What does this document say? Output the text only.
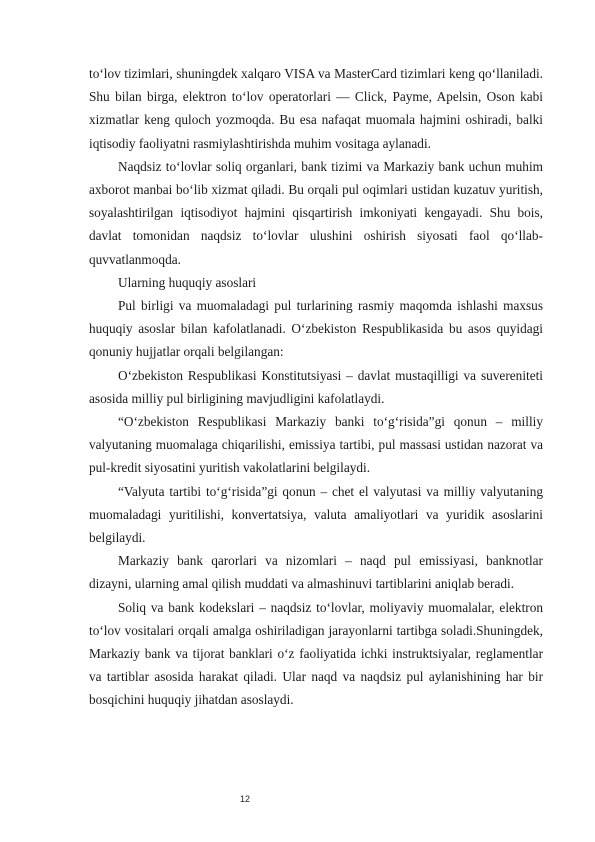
to‘lov tizimlari, shuningdek xalqaro VISA va MasterCard tizimlari keng qo‘llaniladi. Shu bilan birga, elektron to‘lov operatorlari — Click, Payme, Apelsin, Oson kabi xizmatlar keng quloch yozmoqda. Bu esa nafaqat muomala hajmini oshiradi, balki iqtisodiy faoliyatni rasmiylashtirishda muhim vositaga aylanadi.

Naqdsiz to‘lovlar soliq organlari, bank tizimi va Markaziy bank uchun muhim axborot manbai bo‘lib xizmat qiladi. Bu orqali pul oqimlari ustidan kuzatuv yuritish, soyalashtirilgan iqtisodiyot hajmini qisqartirish imkoniyati kengayadi. Shu bois, davlat tomonidan naqdsiz to‘lovlar ulushini oshirish siyosati faol qo‘llab-quvvatlanmoqda.

Ularning huquqiy asoslari

Pul birligi va muomaladagi pul turlarining rasmiy maqomda ishlashi maxsus huquqiy asoslar bilan kafolatlanadi. O‘zbekiston Respublikasida bu asos quyidagi qonuniy hujjatlar orqali belgilangan:

O‘zbekiston Respublikasi Konstitutsiyasi – davlat mustaqilligi va suvereniteti asosida milliy pul birligining mavjudligini kafolatlaydi.

“O‘zbekiston Respublikasi Markaziy banki to‘g‘risida”gi qonun – milliy valyutaning muomalaga chiqarilishi, emissiya tartibi, pul massasi ustidan nazorat va pul-kredit siyosatini yuritish vakolatlarini belgilaydi.

“Valyuta tartibi to‘g‘risida”gi qonun – chet el valyutasi va milliy valyutaning muomaladagi yuritilishi, konvertatsiya, valuta amaliyotlari va yuridik asoslarini belgilaydi.

Markaziy bank qarorlari va nizomlari – naqd pul emissiyasi, banknotlar dizayni, ularning amal qilish muddati va almashinuvi tartiblarini aniqlab beradi.

Soliq va bank kodekslari – naqdsiz to‘lovlar, moliyaviy muomalalar, elektron to‘lov vositalari orqali amalga oshiriladigan jarayonlarni tartibga soladi.Shuningdek, Markaziy bank va tijorat banklari o‘z faoliyatida ichki instruktsiyalar, reglamentlar va tartiblar asosida harakat qiladi. Ular naqd va naqdsiz pul aylanishining har bir bosqichini huquqiy jihatdan asoslaydi.

12
